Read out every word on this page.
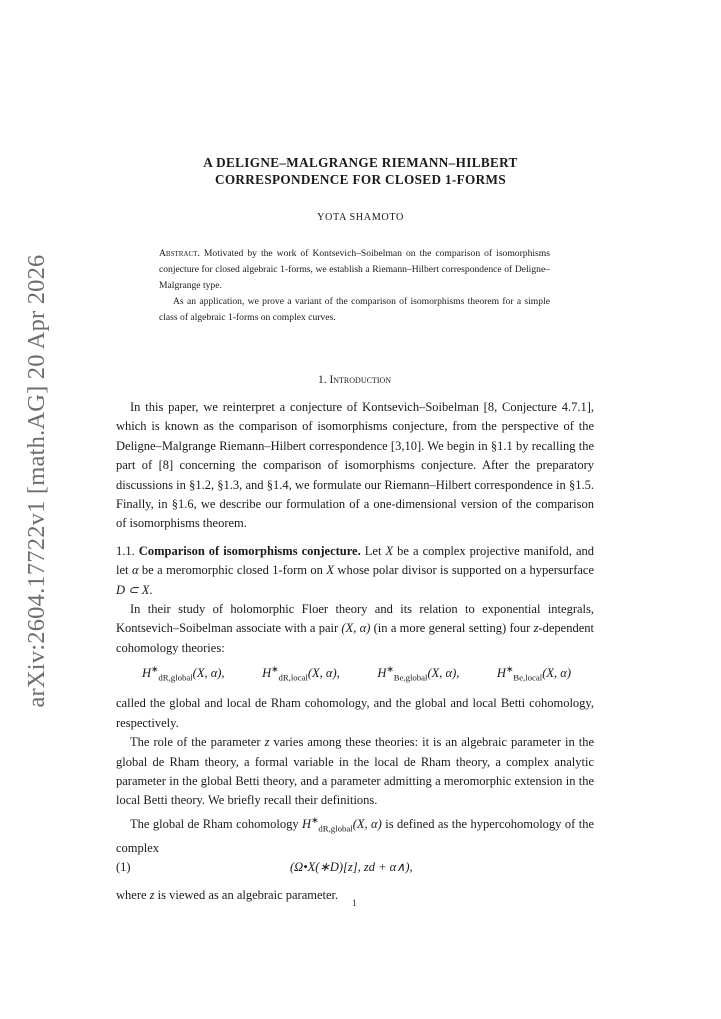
arXiv:2604.17722v1 [math.AG] 20 Apr 2026
A DELIGNE–MALGRANGE RIEMANN–HILBERT
CORRESPONDENCE FOR CLOSED 1-FORMS
YOTA SHAMOTO

Abstract. Motivated by the work of Kontsevich–Soibelman on the comparison of isomorphisms conjecture for closed algebraic 1-forms, we establish a Riemann–Hilbert correspondence of Deligne–Malgrange type.

As an application, we prove a variant of the comparison of isomorphisms theorem for a simple class of algebraic 1-forms on complex curves.

1. Introduction

In this paper, we reinterpret a conjecture of Kontsevich–Soibelman [8, Conjecture 4.7.1], which is known as the comparison of isomorphisms conjecture, from the perspective of the Deligne–Malgrange Riemann–Hilbert correspondence [3,10]. We begin in §1.1 by recalling the part of [8] concerning the comparison of isomorphisms conjecture. After the preparatory discussions in §1.2, §1.3, and §1.4, we formulate our Riemann–Hilbert correspondence in §1.5. Finally, in §1.6, we describe our formulation of a one-dimensional version of the comparison of isomorphisms theorem.

1.1. Comparison of isomorphisms conjecture. Let X be a complex projective manifold, and let α be a meromorphic closed 1-form on X whose polar divisor is supported on a hypersurface D ⊂ X.

In their study of holomorphic Floer theory and its relation to exponential integrals, Kontsevich–Soibelman associate with a pair (X, α) (in a more general setting) four z-dependent cohomology theories:

$H^∗_{dR,global}(X$, α),	$H^∗_{dR,local}(X$, α),	$H^∗_{Be,global}(X$, α),	$H^∗_{Be,local}(X$, α)

called the global and local de Rham cohomology, and the global and local Betti cohomology, respectively.

The role of the parameter z varies among these theories: it is an algebraic parameter in the global de Rham theory, a formal variable in the local de Rham theory, a complex analytic parameter in the global Betti theory, and a parameter admitting a meromorphic extension in the local Betti theory. We briefly recall their definitions.

The global de Rham cohomology $H^∗_{dR,global}(X$, α) is defined as the hypercohomology of the complex

(1)	(Ω•X(∗D)[z], zd + α∧),

where z is viewed as an algebraic parameter.

1
